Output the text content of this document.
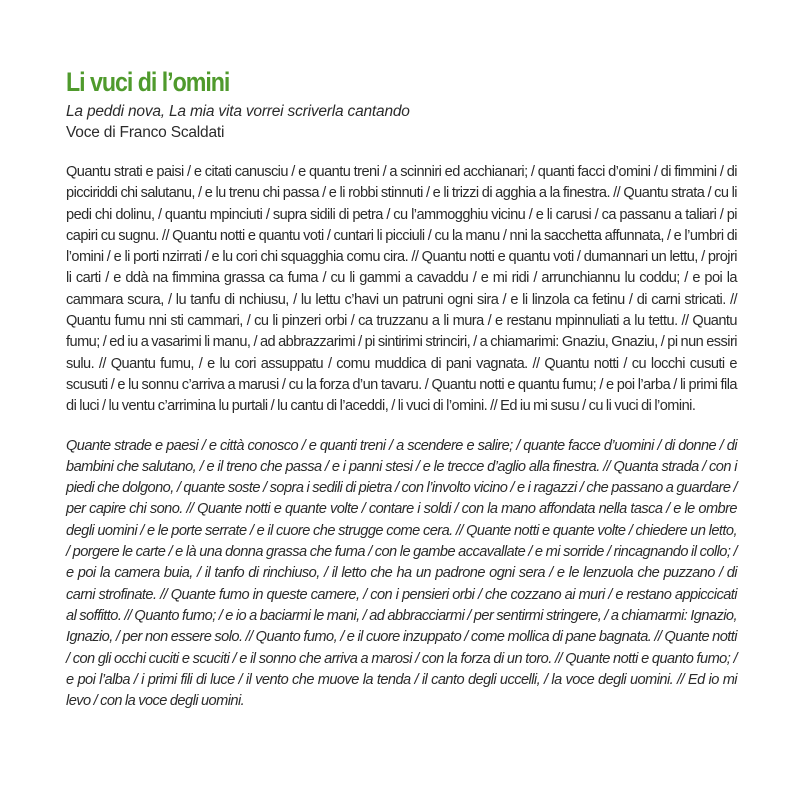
Li vuci di l’omini

La peddi nova, La mia vita vorrei scriverla cantando

Voce di Franco Scaldati

Quantu strati e paisi / e citati canusciu / e quantu treni / a scinniri ed acchianari; / quanti facci d’omini / di fimmini / di picciriddi chi salutanu, / e lu trenu chi passa / e li robbi stinnuti / e li trizzi di agghia a la finestra. // Quantu strata / cu li pedi chi dolinu, / quantu mpinciuti / supra sidili di petra / cu l’ammogghiu vicinu / e li carusi / ca passanu a taliari / pi capiri cu sugnu. // Quantu notti e quantu voti / cuntari li picciuli / cu la manu / nni la sacchetta affunnata, / e l’umbri di l’omini / e li porti nzirrati / e lu cori chi squagghia comu cira. // Quantu notti e quantu voti / dumannari un lettu, / projri li carti / e ddà na fimmina grassa ca fuma / cu li gammi a cavaddu / e mi ridi / arrunchiannu lu coddu; / e poi la cammara scura, / lu tanfu di nchiusu, / lu lettu c’havi un patruni ogni sira / e li linzola ca fetinu / di carni stricati. // Quantu fumu nni sti cammari, / cu li pinzeri orbi / ca truzzanu a li mura / e restanu mpinnuliati a lu tettu. // Quantu fumu; / ed iu a vasarimi li manu, / ad abbrazzarimi / pi sintirimi strinciri, / a chiamarimi: Gnaziu, Gnaziu, / pi nun essiri sulu. // Quantu fumu, / e lu cori assuppatu / comu muddica di pani vagnata. // Quantu notti / cu locchi cusuti e scusuti / e lu sonnu c’arriva a marusi / cu la forza d’un tavaru. / Quantu notti e quantu fumu; / e poi l’arba / li primi fila di luci / lu ventu c’arrimina lu purtali / lu cantu di l’aceddi, / li vuci di l’omini. // Ed iu mi susu / cu li vuci di l’omini.

Quante strade e paesi / e città conosco / e quanti treni / a scendere e salire; / quante facce d’uomini / di donne / di bambini che salutano, / e il treno che passa / e i panni stesi / e le trecce d’aglio alla finestra. // Quanta strada / con i piedi che dolgono, / quante soste / sopra i sedili di pietra / con l’involto vicino / e i ragazzi / che passano a guardare / per capire chi sono. // Quante notti e quante volte / contare i soldi / con la mano affondata nella tasca / e le ombre degli uomini / e le porte serrate / e il cuore che strugge come cera. // Quante notti e quante volte / chiedere un letto, / porgere le carte / e là una donna grassa che fuma / con le gambe accavallate / e mi sorride / rincagnando il collo; / e poi la camera buia, / il tanfo di rinchiuso, / il letto che ha un padrone ogni sera / e le lenzuola che puzzano / di carni strofinate. // Quante fumo in queste camere, / con i pensieri orbi / che cozzano ai muri / e restano appiccicati al soffitto. // Quanto fumo; / e io a baciarmi le mani, / ad abbracciarmi / per sentirmi stringere, / a chiamarmi: Ignazio, Ignazio, / per non essere solo. // Quanto fumo, / e il cuore inzuppato / come mollica di pane bagnata. // Quante notti / con gli occhi cuciti e scuciti / e il sonno che arriva a marosi / con la forza di un toro. // Quante notti e quanto fumo; / e poi l’alba / i primi fili di luce / il vento che muove la tenda / il canto degli uccelli, / la voce degli uomini. // Ed io mi levo / con la voce degli uomini.
